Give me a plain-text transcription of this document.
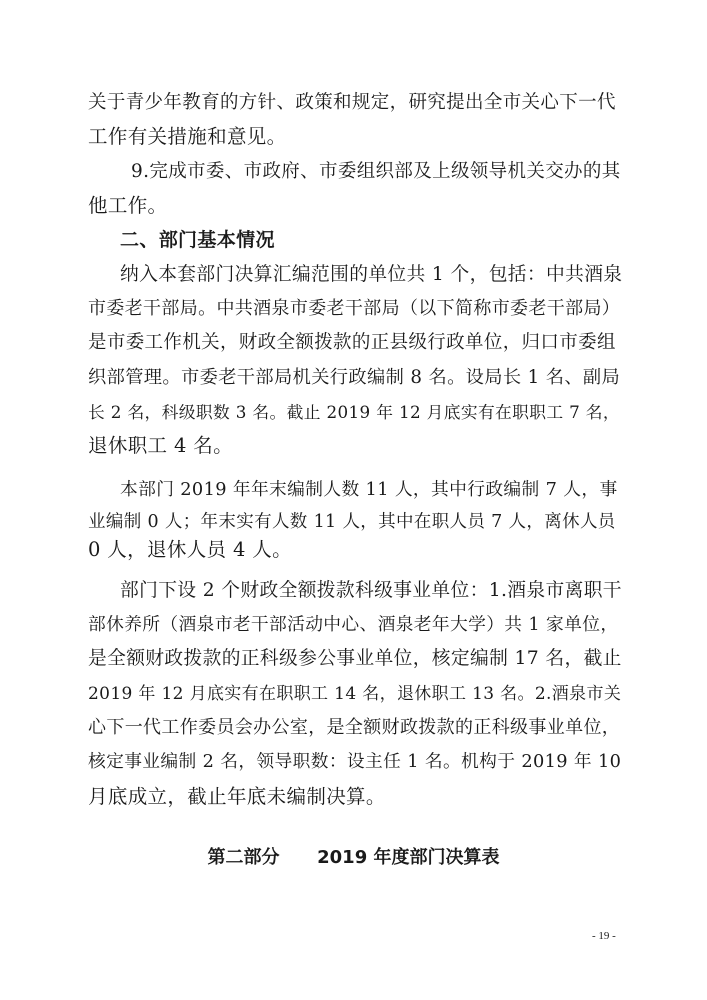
关于青少年教育的方针、政策和规定，研究提出全市关心下一代
工作有关措施和意见。
9.完成市委、市政府、市委组织部及上级领导机关交办的其
他工作。
二、部门基本情况
纳入本套部门决算汇编范围的单位共 1 个，包括：中共酒泉
市委老干部局。中共酒泉市委老干部局（以下简称市委老干部局）
是市委工作机关，财政全额拨款的正县级行政单位，归口市委组
织部管理。市委老干部局机关行政编制 8 名。设局长 1 名、副局
长 2 名，科级职数 3 名。截止 2019 年 12 月底实有在职职工 7 名，
退休职工 4 名。
本部门 2019 年年末编制人数 11 人，其中行政编制 7 人，事
业编制 0 人；年末实有人数 11 人，其中在职人员 7 人，离休人员
0 人，退休人员 4 人。
部门下设 2 个财政全额拨款科级事业单位：1.酒泉市离职干
部休养所（酒泉市老干部活动中心、酒泉老年大学）共 1 家单位，
是全额财政拨款的正科级参公事业单位，核定编制 17 名，截止
2019 年 12 月底实有在职职工 14 名，退休职工 13 名。2.酒泉市关
心下一代工作委员会办公室，是全额财政拨款的正科级事业单位，
核定事业编制 2 名，领导职数：设主任 1 名。机构于 2019 年 10
月底成立，截止年底未编制决算。
第二部分      2019 年度部门决算表
- 19 -
